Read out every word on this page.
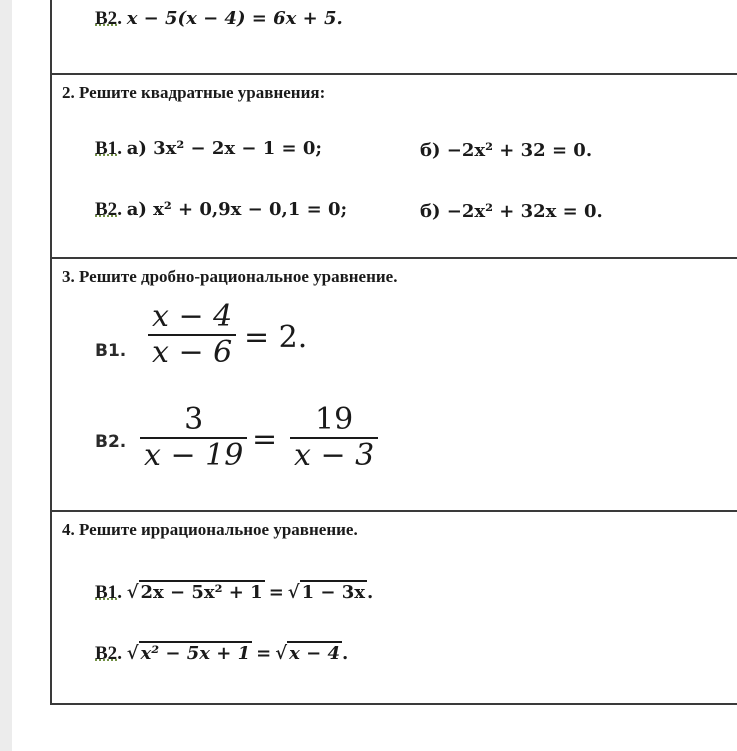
B2. x − 5(x − 4) = 6x + 5.
2. Решите квадратные уравнения:
B1. а) 3x² − 2x − 1 = 0;	б) −2x² + 32 = 0.
B2. а) x² + 0,9x − 0,1 = 0;	б) −2x² + 32x = 0.
3. Решите дробно-рациональное уравнение.
B1.
x − 4
x − 6 = 2.
B2.
3
x − 19 =
19
x − 3
4. Решите иррациональное уравнение.
B1. √ 2x − 5x² + 1 = √ 1 − 3x .
B2. √ x² − 5x + 1 = √ x − 4 .
